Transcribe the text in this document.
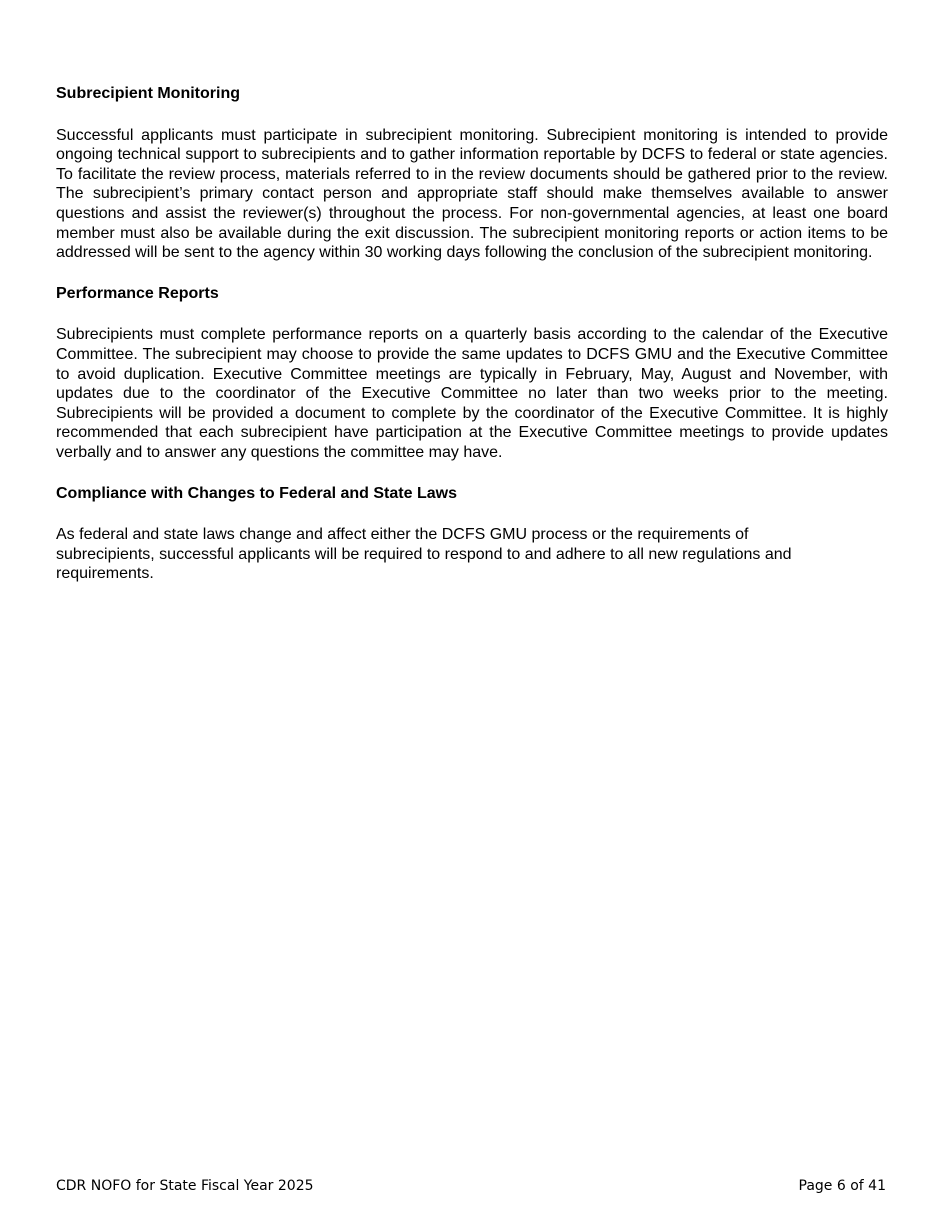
Subrecipient Monitoring

Successful applicants must participate in subrecipient monitoring. Subrecipient monitoring is intended to provide ongoing technical support to subrecipients and to gather information reportable by DCFS to federal or state agencies. To facilitate the review process, materials referred to in the review documents should be gathered prior to the review. The subrecipient’s primary contact person and appropriate staff should make themselves available to answer questions and assist the reviewer(s) throughout the process. For non-governmental agencies, at least one board member must also be available during the exit discussion. The subrecipient monitoring reports or action items to be addressed will be sent to the agency within 30 working days following the conclusion of the subrecipient monitoring.

Performance Reports

Subrecipients must complete performance reports on a quarterly basis according to the calendar of the Executive Committee. The subrecipient may choose to provide the same updates to DCFS GMU and the Executive Committee to avoid duplication. Executive Committee meetings are typically in February, May, August and November, with updates due to the coordinator of the Executive Committee no later than two weeks prior to the meeting. Subrecipients will be provided a document to complete by the coordinator of the Executive Committee. It is highly recommended that each subrecipient have participation at the Executive Committee meetings to provide updates verbally and to answer any questions the committee may have.

Compliance with Changes to Federal and State Laws

As federal and state laws change and affect either the DCFS GMU process or the requirements of subrecipients, successful applicants will be required to respond to and adhere to all new regulations and requirements.

CDR NOFO for State Fiscal Year 2025	Page 6 of 41
